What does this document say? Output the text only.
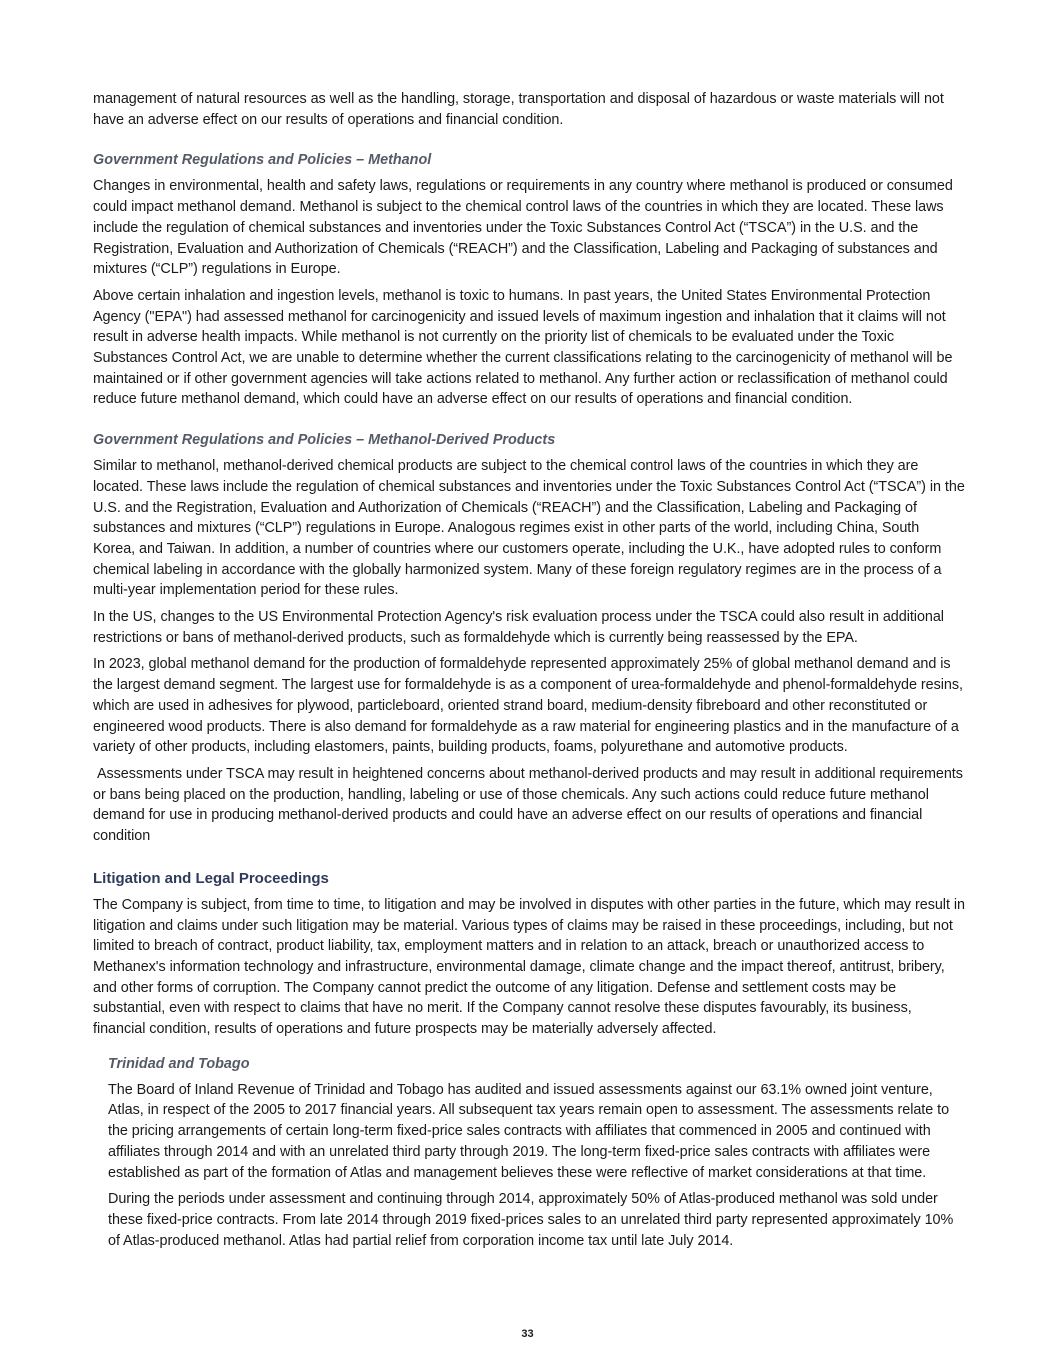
management of natural resources as well as the handling, storage, transportation and disposal of hazardous or waste materials will not have an adverse effect on our results of operations and financial condition.

Government Regulations and Policies – Methanol

Changes in environmental, health and safety laws, regulations or requirements in any country where methanol is produced or consumed could impact methanol demand. Methanol is subject to the chemical control laws of the countries in which they are located. These laws include the regulation of chemical substances and inventories under the Toxic Substances Control Act (“TSCA”) in the U.S. and the Registration, Evaluation and Authorization of Chemicals (“REACH”) and the Classification, Labeling and Packaging of substances and mixtures (“CLP”) regulations in Europe.

Above certain inhalation and ingestion levels, methanol is toxic to humans. In past years, the United States Environmental Protection Agency ("EPA") had assessed methanol for carcinogenicity and issued levels of maximum ingestion and inhalation that it claims will not result in adverse health impacts. While methanol is not currently on the priority list of chemicals to be evaluated under the Toxic Substances Control Act, we are unable to determine whether the current classifications relating to the carcinogenicity of methanol will be maintained or if other government agencies will take actions related to methanol. Any further action or reclassification of methanol could reduce future methanol demand, which could have an adverse effect on our results of operations and financial condition.

Government Regulations and Policies – Methanol-Derived Products

Similar to methanol, methanol-derived chemical products are subject to the chemical control laws of the countries in which they are located. These laws include the regulation of chemical substances and inventories under the Toxic Substances Control Act (“TSCA”) in the U.S. and the Registration, Evaluation and Authorization of Chemicals (“REACH”) and the Classification, Labeling and Packaging of substances and mixtures (“CLP”) regulations in Europe. Analogous regimes exist in other parts of the world, including China, South Korea, and Taiwan. In addition, a number of countries where our customers operate, including the U.K., have adopted rules to conform chemical labeling in accordance with the globally harmonized system. Many of these foreign regulatory regimes are in the process of a multi-year implementation period for these rules.

In the US, changes to the US Environmental Protection Agency's risk evaluation process under the TSCA could also result in additional restrictions or bans of methanol-derived products, such as formaldehyde which is currently being reassessed by the EPA.

In 2023, global methanol demand for the production of formaldehyde represented approximately 25% of global methanol demand and is the largest demand segment. The largest use for formaldehyde is as a component of urea-formaldehyde and phenol-formaldehyde resins, which are used in adhesives for plywood, particleboard, oriented strand board, medium-density fibreboard and other reconstituted or engineered wood products. There is also demand for formaldehyde as a raw material for engineering plastics and in the manufacture of a variety of other products, including elastomers, paints, building products, foams, polyurethane and automotive products.

Assessments under TSCA may result in heightened concerns about methanol-derived products and may result in additional requirements or bans being placed on the production, handling, labeling or use of those chemicals. Any such actions could reduce future methanol demand for use in producing methanol-derived products and could have an adverse effect on our results of operations and financial condition

Litigation and Legal Proceedings

The Company is subject, from time to time, to litigation and may be involved in disputes with other parties in the future, which may result in litigation and claims under such litigation may be material. Various types of claims may be raised in these proceedings, including, but not limited to breach of contract, product liability, tax, employment matters and in relation to an attack, breach or unauthorized access to Methanex's information technology and infrastructure, environmental damage, climate change and the impact thereof, antitrust, bribery, and other forms of corruption. The Company cannot predict the outcome of any litigation. Defense and settlement costs may be substantial, even with respect to claims that have no merit. If the Company cannot resolve these disputes favourably, its business, financial condition, results of operations and future prospects may be materially adversely affected.

Trinidad and Tobago

The Board of Inland Revenue of Trinidad and Tobago has audited and issued assessments against our 63.1% owned joint venture, Atlas, in respect of the 2005 to 2017 financial years. All subsequent tax years remain open to assessment. The assessments relate to the pricing arrangements of certain long-term fixed-price sales contracts with affiliates that commenced in 2005 and continued with affiliates through 2014 and with an unrelated third party through 2019. The long-term fixed-price sales contracts with affiliates were established as part of the formation of Atlas and management believes these were reflective of market considerations at that time.

During the periods under assessment and continuing through 2014, approximately 50% of Atlas-produced methanol was sold under these fixed-price contracts. From late 2014 through 2019 fixed-prices sales to an unrelated third party represented approximately 10% of Atlas-produced methanol. Atlas had partial relief from corporation income tax until late July 2014.

33
